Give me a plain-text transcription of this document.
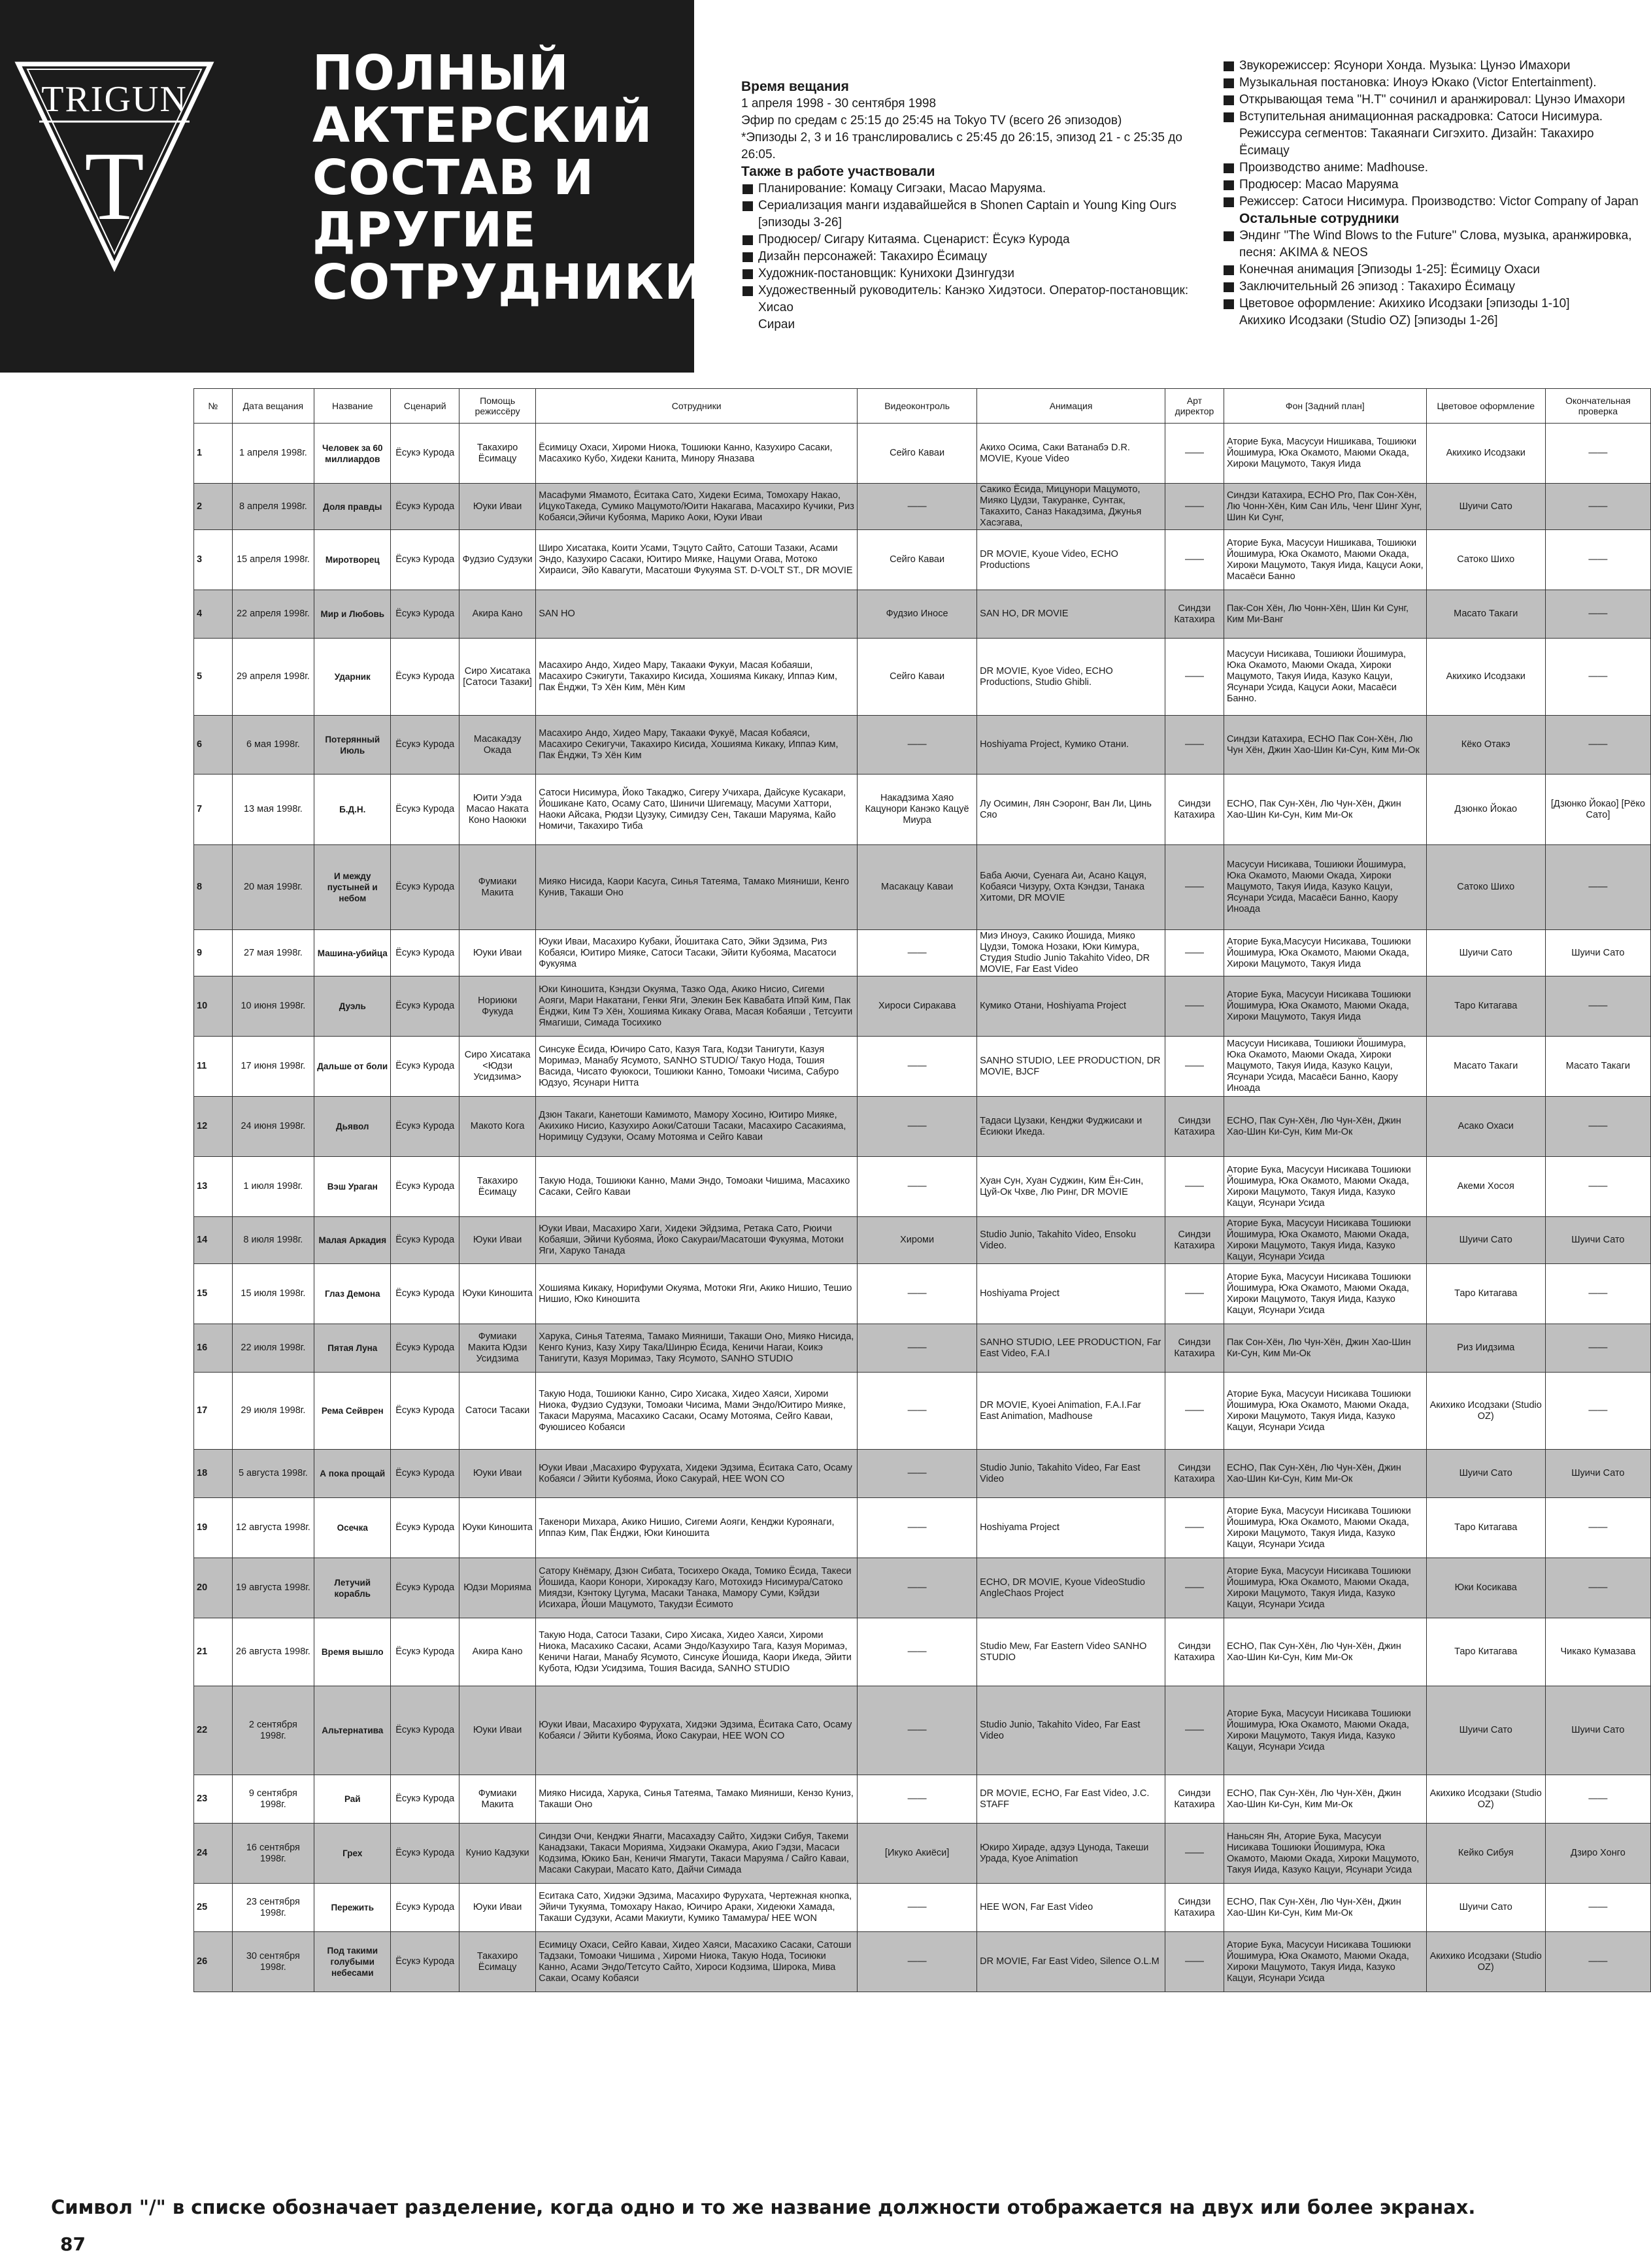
TRIGUN
T
ПОЛНЫЙ
АКТЕРСКИЙ
СОСТАВ И
ДРУГИЕ
СОТРУДНИКИ
Время вещания
1 апреля 1998 - 30 сентября 1998
Эфир по средам с 25:15 до 25:45 на Tokyo TV (всего 26 эпизодов)
*Эпизоды 2, 3 и 16 транслировались с 25:45 до 26:15, эпизод 21 - с 25:35 до 26:05.
Также в работе участвовали
Планирование: Комацу Сигэаки, Масао Маруяма.
Сериализация манги издавайшейся в Shonen Captain и Young King Ours
[эпизоды 3-26]
Продюсер/ Сигару Китаяма. Сценарист: Ёсукэ Курода
Дизайн персонажей: Такахиро Ёсимацу
Художник-постановщик: Кунихоки Дзингудзи
Художественный руководитель: Канэко Хидэтоси. Оператор-постановщик: Хисао
Сираи
Звукорежиссер: Ясунори Хонда. Музыка: Цунэо Имахори
Музыкальная постановка: Иноуэ Юкако (Victor Entertainment).
Открывающая тема "H.T" сочинил и аранжировал: Цунэо Имахори
Вступительная анимационная раскадровка: Сатоси Нисимура.
Режиссура сегментов: Такаянаги Сигэхито. Дизайн: Такахиро Ёсимацу
Производство аниме: Madhouse.
Продюсер: Масао Маруяма
Режиссер: Сатоси Нисимура. Производство: Victor Company of Japan
Остальные сотрудники
Эндинг "The Wind Blows to the Future" Слова, музыка, аранжировка,
песня: AKIMA & NEOS
Конечная анимация [Эпизоды 1-25]: Ёсимицу Охаси
Заключительный 26 эпизод : Такахиро Ёсимацу
Цветовое оформление: Акихико Исодзаки [эпизоды 1-10]
Акихико Исодзаки (Studio OZ) [эпизоды 1-26]
№	Дата вещания	Название	Сценарий	Помощь режиссёру	Сотрудники	Видеоконтроль	Анимация	Арт директор	Фон [Задний план]	Цветовое оформление	Окончательная проверка
1	1 апреля 1998г.	Человек за 60 миллиардов	Ёсукэ Курода	Такахиро Ёсимацу	Ёсимицу Охаси, Хироми Ниока, Тошиюки Канно, Казухиро Сасаки, Масахико Кубо, Хидеки Канита, Минору Яназава	Сейго Каваи	Акихо Осима, Саки Ватанабэ D.R. MOVIE, Kyoue Video	——	Аторие Бука, Масусуи Нишикава, Тошиюки Йошимура, Юка Окамото, Маюми Окада, Хироки Мацумото, Такуя Иида	Акихико Исодзаки	——
2	8 апреля 1998г.	Доля правды	Ёсукэ Курода	Юуки Иваи	Масафуми Ямамото, Ёситака Сато, Хидеки Есима, Томохару Накао, ИцукоТакеда, Сумико Мацумото/Юити Накагава, Масахиро Кучики, Риз Кобаяси,Эйичи Кубояма, Марико Аоки, Юуки Иваи	——	Сакико Ёсида, Мицунори Мацумото, Мияко Цудзи, Такуранке, Сунтак, Такахито, Саназ Накадзима, Джунья Хасэгава,	——	Синдзи Катахира, ECHO Pro, Пак Сон-Хён, Лю Чонн-Хён, Ким Сан Иль, Ченг Шинг Хунг, Шин Ки Сунг,	Шуичи Сато	——
3	15 апреля 1998г.	Миротворец	Ёсукэ Курода	Фудзио Судзуки	Широ Хисатака, Коити Усами, Тэцуто Сайто, Сатоши Тазаки, Асами Эндо, Казухиро Сасаки, Юитиро Мияке, Нацуми Огава, Мотоко Хираиси, Эйо Кавагути, Масатоши Фукуяма ST. D-VOLT ST., DR MOVIE	Сейго Каваи	DR MOVIE, Kyoue Video, ECHO Productions	——	Аторие Бука, Масусуи Нишикава, Тошиюки Йошимура, Юка Окамото, Маюми Окада, Хироки Мацумото, Такуя Иида, Кацуси Аоки, Масаёси Банно	Сатоко Шихо	——
4	22 апреля 1998г.	Мир и Любовь	Ёсукэ Курода	Акира Кано	SAN HO	Фудзио Иносе	SAN HO, DR MOVIE	Синдзи Катахира	Пак-Сон Хён, Лю Чонн-Хён, Шин Ки Сунг, Ким Ми-Ванг	Масато Такаги	——
5	29 апреля 1998г.	Ударник	Ёсукэ Курода	Сиро Хисатака [Сатоси Тазаки]	Масахиро Андо, Хидео Мару, Такааки Фукуи, Масая Кобаяши, Масахиро Сэкигути, Такахиро Кисида, Хошияма Кикаку, Иппаэ Ким, Пак Ёнджи, Тэ Хён Ким, Мён Ким	Сейго Каваи	DR MOVIE, Kyoe Video, ECHO Productions, Studio Ghibli.	——	Масусуи Нисикава, Тошиюки Йошимура, Юка Окамото, Маюми Окада, Хироки Мацумото, Такуя Иида, Казуко Кацуи, Ясунари Усида, Кацуси Аоки, Масаёси Банно.	Акихико Исодзаки	——
6	6 мая 1998г.	Потерянный Июль	Ёсукэ Курода	Масакадзу Окада	Масахиро Андо, Хидео Мару, Такааки Фукуё, Масая Кобаяси, Масахиро Секигучи, Такахиро Кисида, Хошияма Кикаку, Иппаэ Ким, Пак Ёнджи, Тэ Хён Ким	——	Hoshiyama Project, Кумико Отани.	——	Синдзи Катахира, ECHO Пак Сон-Хён, Лю Чун Хён, Джин Хао-Шин Ки-Сун, Ким Ми-Ок	Кёко Отакэ	——
7	13 мая 1998г.	Б.Д.Н.	Ёсукэ Курода	Юити Уэда Масао Наката Коно Наоюки	Сатоси Нисимура, Йоко Такаджо, Сигеру Учихара, Дайсуке Кусакари, Йошикане Като, Осаму Сато, Шиничи Шигемацу, Масуми Хаттори, Наоки Айсака, Рюдзи Цузуку, Симидзу Сен, Такаши Маруяма, Кайо Номичи, Такахиро Тиба	Накадзима Хаяо Кацунори Канэко Кацуё Миура	Лу Осимин, Лян Сэоронг, Ван Ли, Цинь Сяо	Синдзи Катахира	ECHO, Пак Сун-Хён, Лю Чун-Хён, Джин Хао-Шин Ки-Сун, Ким Ми-Ок	Дзюнко Йокао	[Дзюнко Йокао] [Рёко Сато]
8	20 мая 1998г.	И между пустыней и небом	Ёсукэ Курода	Фумиаки Макита	Мияко Нисида, Каори Касуга, Синья Татеяма, Тамако Мияниши, Кенго Кунив, Такаши Оно	Масакацу Каваи	Баба Аючи, Суенага Аи, Асано Кацуя, Кобаяси Чизуру, Охта Кэндзи, Танака Хитоми, DR MOVIE	——	Масусуи Нисикава, Тошиюки Йошимура, Юка Окамото, Маюми Окада, Хироки Мацумото, Такуя Иида, Казуко Кацуи, Ясунари Усида, Масаёси Банно, Каору Иноада	Сатоко Шихо	——
9	27 мая 1998г.	Машина-убийца	Ёсукэ Курода	Юуки Иваи	Юуки Иваи, Масахиро Кубаки, Йошитака Сато, Эйки Эдзима, Риз Кобаяси, Юитиро Мияке, Сатоси Тасаки, Эйити Кубояма, Масатоси Фукуяма	——	Миэ Иноуэ, Сакико Йошида, Мияко Цудзи, Томока Нозаки, Юки Кимура, Студия Studio Junio Takahito Video, DR MOVIE, Far East Video	——	Аторие Бука,Масусуи Нисикава, Тошиюки Йошимура, Юка Окамото, Маюми Окада, Хироки Мацумото, Такуя Иида	Шуичи Сато	Шуичи Сато
10	10 июня 1998г.	Дуэль	Ёсукэ Курода	Нориюки Фукуда	Юки Киношита, Кэндзи Окуяма, Тазко Ода, Акико Нисио, Сигеми Аояги, Мари Накатани, Генки Яги, Элекин Бек Кавабата Ипэй Ким, Пак Ёнджи, Ким Тэ Хён, Хошияма Кикаку Огава, Масая Кобаяши , Тетсуити Ямагиши, Симада Тосихико	Хироси Сиракава	Кумико Отани, Hoshiyama Project	——	Аторие Бука, Масусуи Нисикава Тошиюки Йошимура, Юка Окамото, Маюми Окада, Хироки Мацумото, Такуя Иида	Таро Китагава	——
11	17 июня 1998г.	Дальше от боли	Ёсукэ Курода	Сиро Хисатака <Юдзи Усидзима>	Синсуке Ёсида, Юичиро Сато, Казуя Тага, Кодзи Танигути, Казуя Моримаэ, Манабу Ясумото, SANHO STUDIO/ Такуо Нода, Тошия Васида, Чисато Фуюкоси, Тошиюки Канно, Томоаки Чисима, Сабуро Юдзуо, Ясунари Нитта	——	SANHO STUDIO, LEE PRODUCTION, DR MOVIE, BJCF	——	Масусуи Нисикава, Тошиюки Йошимура, Юка Окамото, Маюми Окада, Хироки Мацумото, Такуя Иида, Казуко Кацуи, Ясунари Усида, Масаёси Банно, Каору Иноада	Масато Такаги	Масато Такаги
12	24 июня 1998г.	Дьявол	Ёсукэ Курода	Макото Кога	Дзюн Такаги, Канетоши Камимото, Мамору Хосино, Юитиро Мияке, Акихико Нисио, Казухиро Аоки/Сатоши Тасаки, Масахиро Сасакияма, Норимицу Судзуки, Осаму Мотояма и Сейго Каваи	——	Тадаси Цузаки, Кенджи Фуджисаки и Ёсиюки Икеда.	Синдзи Катахира	ECHO, Пак Сун-Хён, Лю Чун-Хён, Джин Хао-Шин Ки-Сун, Ким Ми-Ок	Асако Охаси	——
13	1 июля 1998г.	Вэш Ураган	Ёсукэ Курода	Такахиро Ёсимацу	Такую Нода, Тошиюки Канно, Мами Эндо, Томоаки Чишима, Масахико Сасаки, Сейго Каваи	——	Хуан Сун, Хуан Суджин, Ким Ён-Син, Цуй-Ок Чхве, Лю Ринг, DR MOVIE	——	Аторие Бука, Масусуи Нисикава Тошиюки Йошимура, Юка Окамото, Маюми Окада, Хироки Мацумото, Такуя Иида, Казуко Кацуи, Ясунари Усида	Акеми Хосоя	——
14	8 июля 1998г.	Малая Аркадия	Ёсукэ Курода	Юуки Иваи	Юуки Иваи, Масахиро Хаги, Хидеки Эйдзима, Ретака Сато, Рюичи Кобаяши, Эйичи Кубояма, Йоко Сакураи/Масатоши Фукуяма, Мотоки Яги, Харуко Танада	Хироми	Studio Junio, Takahito Video, Ensoku Video.	Синдзи Катахира	Аторие Бука, Масусуи Нисикава Тошиюки Йошимура, Юка Окамото, Маюми Окада, Хироки Мацумото, Такуя Иида, Казуко Кацуи, Ясунари Усида	Шуичи Сато	Шуичи Сато
15	15 июля 1998г.	Глаз Демона	Ёсукэ Курода	Юуки Киношита	Хошияма Кикаку, Норифуми Окуяма, Мотоки Яги, Акико Нишио, Тешио Нишио, Юко Киношита	——	Hoshiyama Project	——	Аторие Бука, Масусуи Нисикава Тошиюки Йошимура, Юка Окамото, Маюми Окада, Хироки Мацумото, Такуя Иида, Казуко Кацуи, Ясунари Усида	Таро Китагава	——
16	22 июля 1998г.	Пятая Луна	Ёсукэ Курода	Фумиаки Макита Юдзи Усидзима	Харука, Синья Татеяма, Тамако Мияниши, Такаши Оно, Мияко Нисида, Кенго Куниз, Казу Хиру Така/Шинрю Ёсида, Кеничи Нагаи, Коикэ Танигути, Казуя Моримаэ, Таку Ясумото, SANHO STUDIO	——	SANHO STUDIO, LEE PRODUCTION, Far East Video, F.A.I	Синдзи Катахира	Пак Сон-Хён, Лю Чун-Хён, Джин Хао-Шин Ки-Сун, Ким Ми-Ок	Риз Иидзима	——
17	29 июля 1998г.	Рема Сейврен	Ёсукэ Курода	Сатоси Тасаки	Такую Нода, Тошиюки Канно, Сиро Хисака, Хидео Хаяси, Хироми Ниока, Фудзио Судзуки, Томоаки Чисима, Мами Эндо/Юитиро Мияке, Такаси Маруяма, Масахико Сасаки, Осаму Мотояма, Сейго Каваи, Фуюшисео Кобаяси	——	DR MOVIE, Kyoei Animation, F.A.I.Far East Animation, Madhouse	——	Аторие Бука, Масусуи Нисикава Тошиюки Йошимура, Юка Окамото, Маюми Окада, Хироки Мацумото, Такуя Иида, Казуко Кацуи, Ясунари Усида	Акихико Исодзаки (Studio OZ)	——
18	5 августа 1998г.	А пока прощай	Ёсукэ Курода	Юуки Иваи	Юуки Иваи ,Масахиро Фурухата, Хидеки Эдзима, Ёситака Сато, Осаму Кобаяси / Эйити Кубояма, Йоко Сакурай, HEE WON CO	——	Studio Junio, Takahito Video, Far East Video	Синдзи Катахира	ECHO, Пак Сун-Хён, Лю Чун-Хён, Джин Хао-Шин Ки-Сун, Ким Ми-Ок	Шуичи Сато	Шуичи Сато
19	12 августа 1998г.	Осечка	Ёсукэ Курода	Юуки Киношита	Такенори Михара, Акико Нишио, Сигеми Аояги, Кенджи Куроянаги, Иппаэ Ким, Пак Ёнджи, Юки Киношита	——	Hoshiyama Project	——	Аторие Бука, Масусуи Нисикава Тошиюки Йошимура, Юка Окамото, Маюми Окада, Хироки Мацумото, Такуя Иида, Казуко Кацуи, Ясунари Усида	Таро Китагава	——
20	19 августа 1998г.	Летучий корабль	Ёсукэ Курода	Юдзи Морияма	Сатору Кнёмару, Дзюн Сибата, Тосихеро Окада, Томико Ёсида, Такеси Йошида, Каори Конори, Хирокадзу Каго, Мотохидэ Нисимура/Сатоко Миядзи, Кэнтоку Цугума, Масаки Танака, Мамору Суми, Кэйдзи Исихара, Йоши Мацумото, Такудзи Ёсимото	——	ECHO, DR MOVIE, Kyoue VideoStudio AngleChaos Project	——	Аторие Бука, Масусуи Нисикава Тошиюки Йошимура, Юка Окамото, Маюми Окада, Хироки Мацумото, Такуя Иида, Казуко Кацуи, Ясунари Усида	Юки Косикава	——
21	26 августа 1998г.	Время вышло	Ёсукэ Курода	Акира Кано	Такую Нода, Сатоси Тазаки, Сиро Хисака, Хидео Хаяси, Хироми Ниока, Масахико Сасаки, Асами Эндо/Казухиро Тага, Казуя Моримаэ, Кеничи Нагаи, Манабу Ясумото, Синсуке Йошида, Каори Икеда, Эйити Кубота, Юдзи Усидзима, Тошия Васида, SANHO STUDIO	——	Studio Mew, Far Eastern Video SANHO STUDIO	Синдзи Катахира	ECHO, Пак Сун-Хён, Лю Чун-Хён, Джин Хао-Шин Ки-Сун, Ким Ми-Ок	Таро Китагава	Чикако Кумазава
22	2 сентября 1998г.	Альтернатива	Ёсукэ Курода	Юуки Иваи	Юуки Иваи, Масахиро Фурухата, Хидэки Эдзима, Ёситака Сато, Осаму Кобаяси / Эйити Кубояма, Йоко Сакураи, HEE WON CO	——	Studio Junio, Takahito Video, Far East Video	——	Аторие Бука, Масусуи Нисикава Тошиюки Йошимура, Юка Окамото, Маюми Окада, Хироки Мацумото, Такуя Иида, Казуко Кацуи, Ясунари Усида	Шуичи Сато	Шуичи Сато
23	9 сентября 1998г.	Рай	Ёсукэ Курода	Фумиаки Макита	Мияко Нисида, Харука, Синья Татеяма, Тамако Мияниши, Кензо Куниз, Такаши Оно	——	DR MOVIE, ECHO, Far East Video, J.C. STAFF	Синдзи Катахира	ECHO, Пак Сун-Хён, Лю Чун-Хён, Джин Хао-Шин Ки-Сун, Ким Ми-Ок	Акихико Исодзаки (Studio OZ)	——
24	16 сентября 1998г.	Грех	Ёсукэ Курода	Кунио Кадзуки	Синдзи Очи, Кенджи Янагги, Масахадзу Сайто, Хидэки Сибуя, Такеми Канадзаки, Такаси Морияма, Хидэаки Окамура, Акио Гэдзи, Масаси Кодзима, Юкико Бан, Кеничи Ямагути, Такаси Маруяма / Сайго Каваи, Масаки Сакураи, Масато Като, Дайчи Симада	[Икуко Акиёси]	Юкиро Хираде, адзуэ Цунода, Такеши Урада, Kyoe Animation	——	Наньсян Ян, Аторие Бука, Масусуи Нисикава Тошиюки Йошимура, Юка Окамото, Маюми Окада, Хироки Мацумото, Такуя Иида, Казуко Кацуи, Ясунари Усида	Кейко Сибуя	Дзиро Хонго
25	23 сентября 1998г.	Пережить	Ёсукэ Курода	Юуки Иваи	Еситака Сато, Хидэки Эдзима, Масахиро Фурухата, Чертежная кнопка, Эйичи Тукуяма, Томохару Накао, Юичиро Араки, Хидеюки Хамада, Такаши Судзуки, Асами Макиути, Кумико Тамамура/ HEE WON	——	HEE WON, Far East Video	Синдзи Катахира	ECHO, Пак Сун-Хён, Лю Чун-Хён, Джин Хао-Шин Ки-Сун, Ким Ми-Ок	Шуичи Сато	——
26	30 сентября 1998г.	Под такими голубыми небесами	Ёсукэ Курода	Такахиро Ёсимацу	Есимицу Охаси, Сейго Каваи, Хидео Хаяси, Масахико Сасаки, Сатоши Тадзаки, Томоаки Чишима , Хироми Ниока, Такую Нода, Тосиюки Канно, Асами Эндо/Тетсуто Сайто, Хироси Кодзима, Широка, Мива Сакаи, Осаму Кобаяси	——	DR MOVIE, Far East Video, Silence O.L.M	——	Аторие Бука, Масусуи Нисикава Тошиюки Йошимура, Юка Окамото, Маюми Окада, Хироки Мацумото, Такуя Иида, Казуко Кацуи, Ясунари Усида	Акихико Исодзаки (Studio OZ)	——
Символ "/" в списке обозначает разделение, когда одно и то же название должности отображается на двух или более экранах.
87
